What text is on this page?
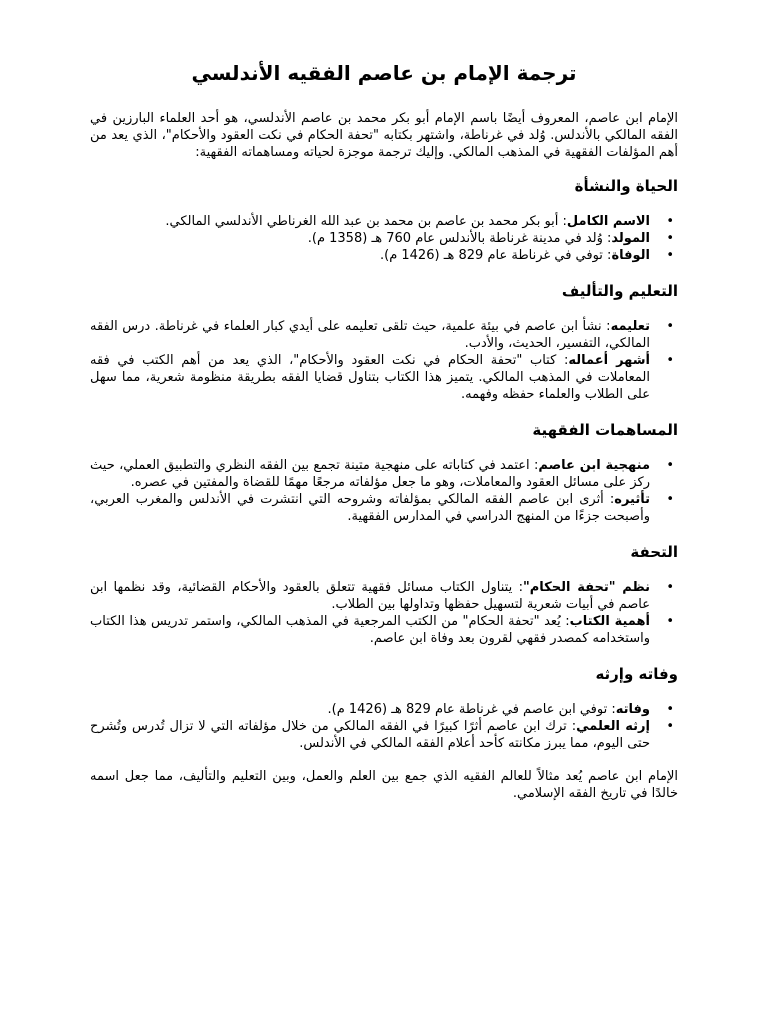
ترجمة الإمام بن عاصم الفقيه الأندلسي

الإمام ابن عاصم، المعروف أيضًا باسم الإمام أبو بكر محمد بن عاصم الأندلسي، هو أحد العلماء البارزين في الفقه المالكي بالأندلس. وُلد في غرناطة، واشتهر بكتابه "تحفة الحكام في نكت العقود والأحكام"، الذي يعد من أهم المؤلفات الفقهية في المذهب المالكي. وإليك ترجمة موجزة لحياته ومساهماته الفقهية:

الحياة والنشأة
• الاسم الكامل: أبو بكر محمد بن عاصم بن محمد بن عبد الله الغرناطي الأندلسي المالكي.
• المولد: وُلد في مدينة غرناطة بالأندلس عام 760 هـ (1358 م).
• الوفاة: توفي في غرناطة عام 829 هـ (1426 م).
التعليم والتأليف
• تعليمه: نشأ ابن عاصم في بيئة علمية، حيث تلقى تعليمه على أيدي كبار العلماء في غرناطة. درس الفقه المالكي، التفسير، الحديث، والأدب.
• أشهر أعماله: كتاب "تحفة الحكام في نكت العقود والأحكام"، الذي يعد من أهم الكتب في فقه المعاملات في المذهب المالكي. يتميز هذا الكتاب بتناول قضايا الفقه بطريقة منظومة شعرية، مما سهل على الطلاب والعلماء حفظه وفهمه.
المساهمات الفقهية
• منهجية ابن عاصم: اعتمد في كتاباته على منهجية متينة تجمع بين الفقه النظري والتطبيق العملي، حيث ركز على مسائل العقود والمعاملات، وهو ما جعل مؤلفاته مرجعًا مهمًا للقضاة والمفتين في عصره.
• تأثيره: أثرى ابن عاصم الفقه المالكي بمؤلفاته وشروحه التي انتشرت في الأندلس والمغرب العربي، وأصبحت جزءًا من المنهج الدراسي في المدارس الفقهية.
التحفة
• نظم "تحفة الحكام": يتناول الكتاب مسائل فقهية تتعلق بالعقود والأحكام القضائية، وقد نظمها ابن عاصم في أبيات شعرية لتسهيل حفظها وتداولها بين الطلاب.
• أهمية الكتاب: يُعد "تحفة الحكام" من الكتب المرجعية في المذهب المالكي، واستمر تدريس هذا الكتاب واستخدامه كمصدر فقهي لقرون بعد وفاة ابن عاصم.
وفاته وإرثه
• وفاته: توفي ابن عاصم في غرناطة عام 829 هـ (1426 م).
• إرثه العلمي: ترك ابن عاصم أثرًا كبيرًا في الفقه المالكي من خلال مؤلفاته التي لا تزال تُدرس وتُشرح حتى اليوم، مما يبرز مكانته كأحد أعلام الفقه المالكي في الأندلس.

الإمام ابن عاصم يُعد مثالاً للعالم الفقيه الذي جمع بين العلم والعمل، وبين التعليم والتأليف، مما جعل اسمه خالدًا في تاريخ الفقه الإسلامي.
